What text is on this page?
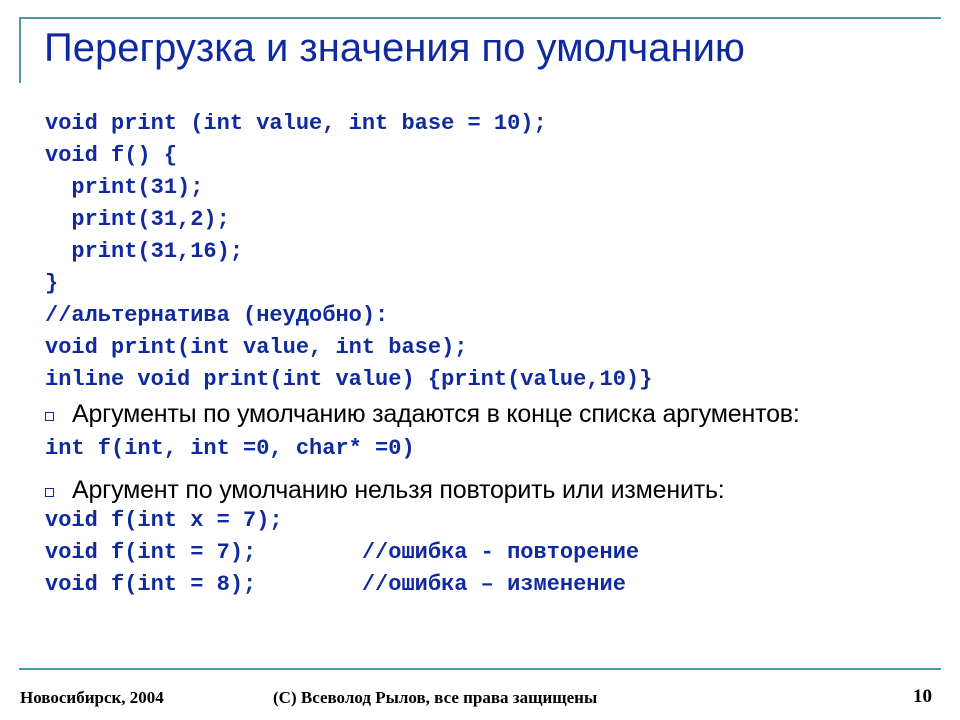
Перегрузка и значения по умолчанию
void print (int value, int base = 10);
void f() {
print(31);
print(31,2);
print(31,16);
}
//альтернатива (неудобно):
void print(int value, int base);
inline void print(int value) {print(value,10)}
Аргументы по умолчанию задаются в конце списка аргументов:
int f(int, int =0, char* =0)
Аргумент по умолчанию нельзя повторить или изменить:
void f(int x = 7);
void f(int = 7);        //ошибка - повторение
void f(int = 8);        //ошибка – изменение
Новосибирск, 2004	(C) Всеволод Рылов, все права защищены	10
